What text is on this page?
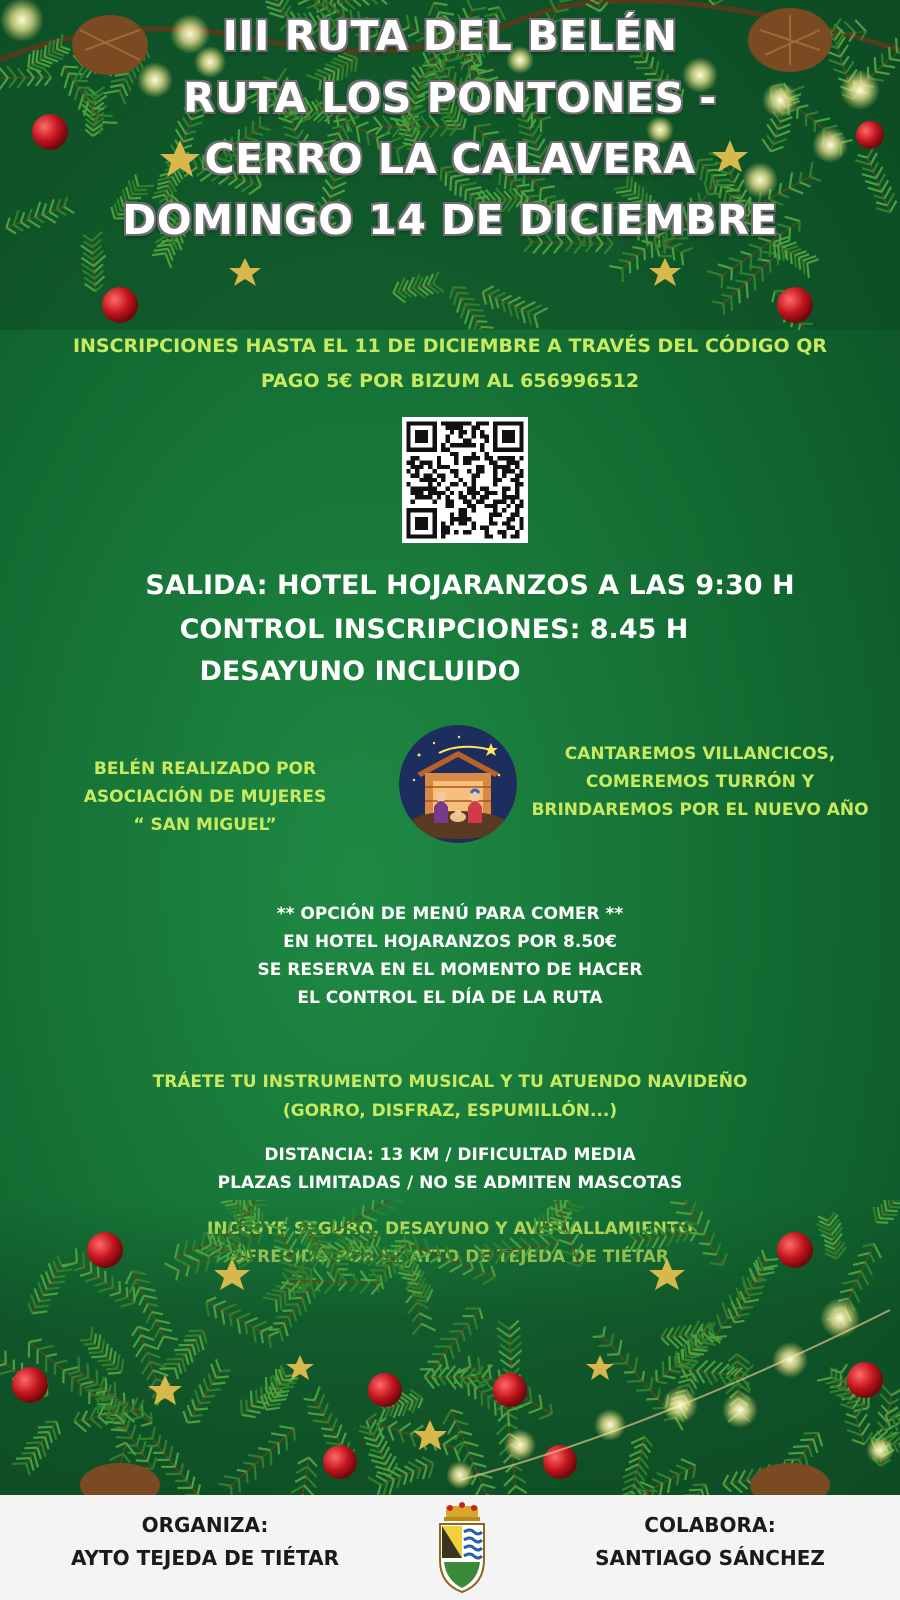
III RUTA DEL BELÉN
RUTA LOS PONTONES -
CERRO LA CALAVERA
DOMINGO 14 DE DICIEMBRE
INSCRIPCIONES HASTA EL 11 DE DICIEMBRE A TRAVÉS DEL CÓDIGO QR
PAGO 5€ POR BIZUM AL 656996512
SALIDA: HOTEL HOJARANZOS A LAS 9:30 H
CONTROL INSCRIPCIONES: 8.45 H
DESAYUNO INCLUIDO
BELÉN REALIZADO POR
ASOCIACIÓN DE MUJERES
“ SAN MIGUEL”
CANTAREMOS VILLANCICOS,
COMEREMOS TURRÓN Y
BRINDAREMOS POR EL NUEVO AÑO
** OPCIÓN DE MENÚ PARA COMER **
EN HOTEL HOJARANZOS POR 8.50€
SE RESERVA EN EL MOMENTO DE HACER
EL CONTROL EL DÍA DE LA RUTA
TRÁETE TU INSTRUMENTO MUSICAL Y TU ATUENDO NAVIDEÑO
(GORRO, DISFRAZ, ESPUMILLÓN...)
DISTANCIA: 13 KM / DIFICULTAD MEDIA
PLAZAS LIMITADAS / NO SE ADMITEN MASCOTAS
ORGANIZA:
AYTO TEJEDA DE TIÉTAR
COLABORA:
SANTIAGO SÁNCHEZ
